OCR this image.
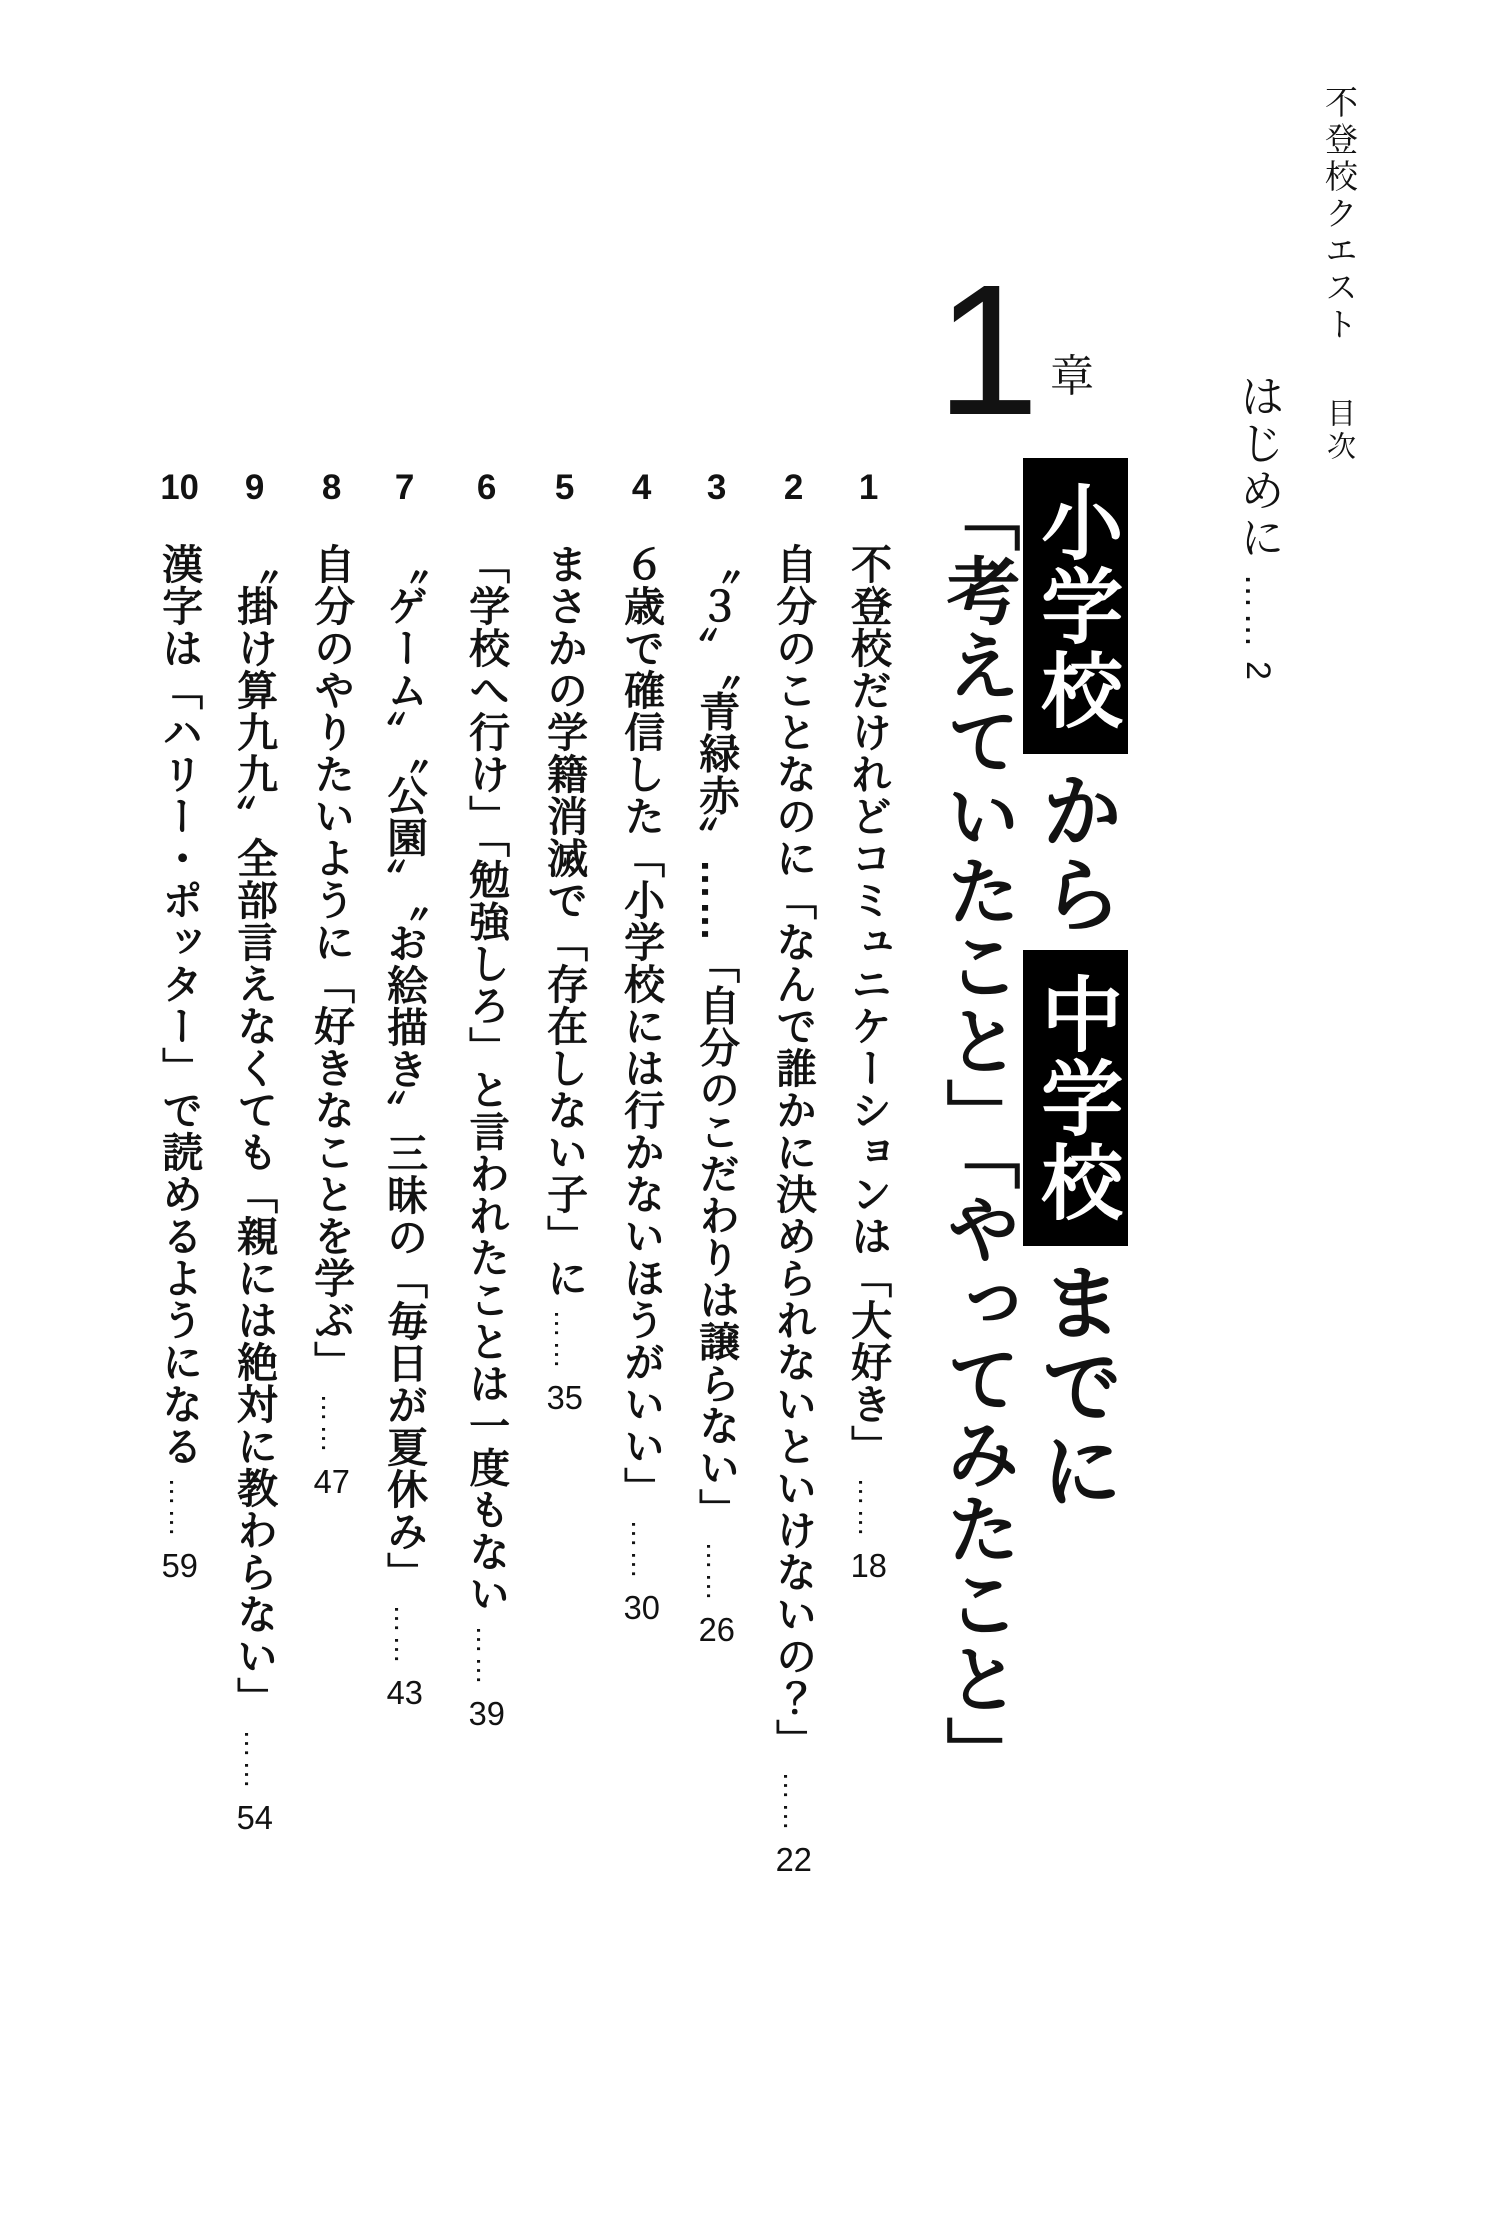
不登校クエスト目次
はじめに……2
1 章
小学校から中学校までに
「考えていたこと」「やってみたこと」
1不登校だけれどコミュニケーションは「大好き」……18
2自分のことなのに「なんで誰かに決められないといけないの？」……22
3〝３〟〝青緑赤〟……「自分のこだわりは譲らない」……26
4６歳で確信した「小学校には行かないほうがいい」……30
5まさかの学籍消滅で「存在しない子」に……35
6「学校へ行け」「勉強しろ」と言われたことは一度もない……39
7〝ゲーム〟〝公園〟〝お絵描き〟三昧の「毎日が夏休み」……43
8自分のやりたいように「好きなことを学ぶ」……47
9〝掛け算九九〟全部言えなくても「親には絶対に教わらない」……54
10漢字は「ハリー・ポッター」で読めるようになる……59
